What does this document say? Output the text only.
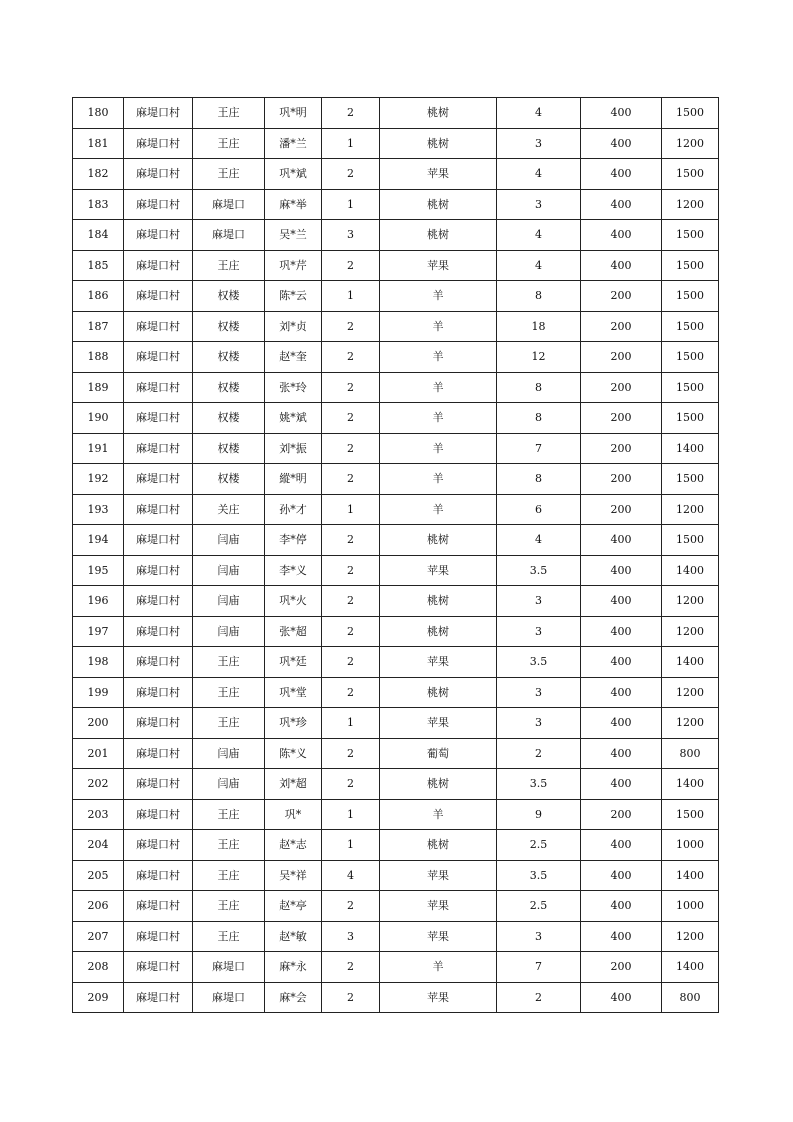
180	麻堤口村	王庄	巩*明	2	桃树	4	400	1500
181	麻堤口村	王庄	潘*兰	1	桃树	3	400	1200
182	麻堤口村	王庄	巩*斌	2	苹果	4	400	1500
183	麻堤口村	麻堤口	麻*举	1	桃树	3	400	1200
184	麻堤口村	麻堤口	吴*兰	3	桃树	4	400	1500
185	麻堤口村	王庄	巩*芹	2	苹果	4	400	1500
186	麻堤口村	权楼	陈*云	1	羊	8	200	1500
187	麻堤口村	权楼	刘*贞	2	羊	18	200	1500
188	麻堤口村	权楼	赵*奎	2	羊	12	200	1500
189	麻堤口村	权楼	张*玲	2	羊	8	200	1500
190	麻堤口村	权楼	姚*斌	2	羊	8	200	1500
191	麻堤口村	权楼	刘*振	2	羊	7	200	1400
192	麻堤口村	权楼	縱*明	2	羊	8	200	1500
193	麻堤口村	关庄	孙*才	1	羊	6	200	1200
194	麻堤口村	闫庙	李*停	2	桃树	4	400	1500
195	麻堤口村	闫庙	李*义	2	苹果	3.5	400	1400
196	麻堤口村	闫庙	巩*火	2	桃树	3	400	1200
197	麻堤口村	闫庙	张*超	2	桃树	3	400	1200
198	麻堤口村	王庄	巩*廷	2	苹果	3.5	400	1400
199	麻堤口村	王庄	巩*堂	2	桃树	3	400	1200
200	麻堤口村	王庄	巩*珍	1	苹果	3	400	1200
201	麻堤口村	闫庙	陈*义	2	葡萄	2	400	800
202	麻堤口村	闫庙	刘*超	2	桃树	3.5	400	1400
203	麻堤口村	王庄	巩*	1	羊	9	200	1500
204	麻堤口村	王庄	赵*志	1	桃树	2.5	400	1000
205	麻堤口村	王庄	吴*祥	4	苹果	3.5	400	1400
206	麻堤口村	王庄	赵*亭	2	苹果	2.5	400	1000
207	麻堤口村	王庄	赵*敏	3	苹果	3	400	1200
208	麻堤口村	麻堤口	麻*永	2	羊	7	200	1400
209	麻堤口村	麻堤口	麻*会	2	苹果	2	400	800
